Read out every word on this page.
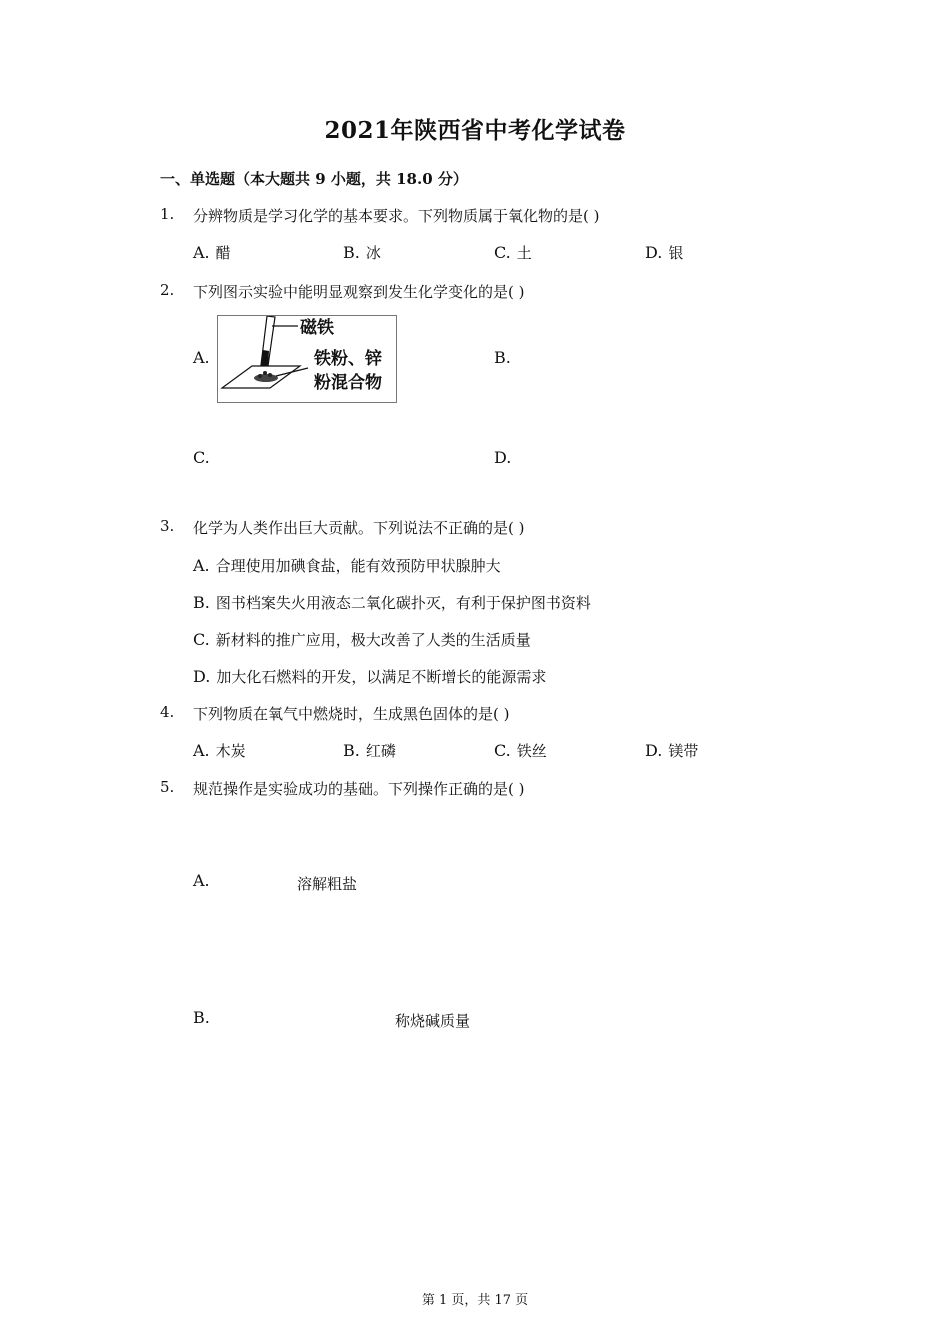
2021年陕西省中考化学试卷
一、单选题（本大题共 9 小题，共 18.0 分）
1. 分辨物质是学习化学的基本要求。下列物质属于氧化物的是( )
A. 醋	B. 冰	C. 土	D. 银
2. 下列图示实验中能明显观察到发生化学变化的是( )
A.
磁铁
铁粉、锌
粉混合物
B.
C.	D.
3. 化学为人类作出巨大贡献。下列说法不正确的是( )
A. 合理使用加碘食盐，能有效预防甲状腺肿大
B. 图书档案失火用液态二氧化碳扑灭，有利于保护图书资料
C. 新材料的推广应用，极大改善了人类的生活质量
D. 加大化石燃料的开发，以满足不断增长的能源需求
4. 下列物质在氧气中燃烧时，生成黑色固体的是( )
A. 木炭	B. 红磷	C. 铁丝	D. 镁带
5. 规范操作是实验成功的基础。下列操作正确的是( )
A.	溶解粗盐
B.	称烧碱质量
第 1 页，共 17 页
